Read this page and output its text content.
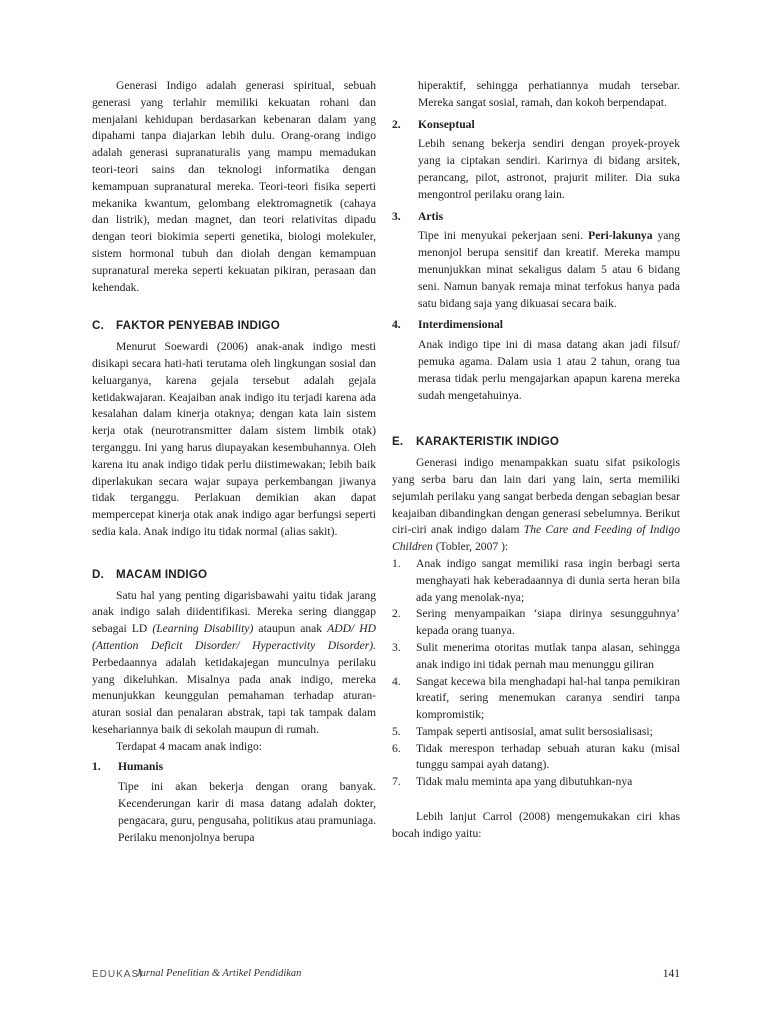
Generasi Indigo adalah generasi spiritual, sebuah generasi yang terlahir memiliki kekuatan rohani dan menjalani kehidupan berdasarkan kebenaran dalam yang dipahami tanpa diajarkan lebih dulu. Orang-orang indigo adalah generasi supranaturalis yang mampu memadukan teori-teori sains dan teknologi informatika dengan kemampuan supranatural mereka. Teori-teori fisika seperti mekanika kwantum, gelombang elektromagnetik (cahaya dan listrik), medan magnet, dan teori relativitas dipadu dengan teori biokimia seperti genetika, biologi molekuler, sistem hormonal tubuh dan diolah dengan kemampuan supranatural mereka seperti kekuatan pikiran, perasaan dan kehendak.

C. FAKTOR PENYEBAB INDIGO

Menurut Soewardi (2006) anak-anak indigo mesti disikapi secara hati-hati terutama oleh lingkungan sosial dan keluarganya, karena gejala tersebut adalah gejala ketidakwajaran. Keajaiban anak indigo itu terjadi karena ada kesalahan dalam kinerja otaknya; dengan kata lain sistem kerja otak (neurotransmitter dalam sistem limbik otak) terganggu. Ini yang harus diupayakan kesembuhannya. Oleh karena itu anak indigo tidak perlu diistimewakan; lebih baik diperlakukan secara wajar supaya perkembangan jiwanya tidak terganggu. Perlakuan demikian akan dapat mempercepat kinerja otak anak indigo agar berfungsi seperti sedia kala. Anak indigo itu tidak normal (alias sakit).

D. MACAM INDIGO

Satu hal yang penting digarisbawahi yaitu tidak jarang anak indigo salah diidentifikasi. Mereka sering dianggap sebagai LD (Learning Disability) ataupun anak ADD/ HD (Attention Deficit Disorder/ Hyperactivity Disorder). Perbedaannya adalah ketidakajegan munculnya perilaku yang dikeluhkan. Misalnya pada anak indigo, mereka menunjukkan keunggulan pemahaman terhadap aturan-aturan sosial dan penalaran abstrak, tapi tak tampak dalam kesehariannya baik di sekolah maupun di rumah.

Terdapat 4 macam anak indigo:

1.	Humanis

Tipe ini akan bekerja dengan orang banyak. Kecenderungan karir di masa datang adalah dokter, pengacara, guru, pengusaha, politikus atau pramuniaga. Perilaku menonjolnya berupa

hiperaktif, sehingga perhatiannya mudah tersebar. Mereka sangat sosial, ramah, dan kokoh berpendapat.

2.	Konseptual

Lebih senang bekerja sendiri dengan proyek-proyek yang ia ciptakan sendiri. Karirnya di bidang arsitek, perancang, pilot, astronot, prajurit militer. Dia suka mengontrol perilaku orang lain.

3.	Artis

Tipe ini menyukai pekerjaan seni. Peri-lakunya yang menonjol berupa sensitif dan kreatif. Mereka mampu menunjukkan minat sekaligus dalam 5 atau 6 bidang seni. Namun banyak remaja minat terfokus hanya pada satu bidang saja yang dikuasai secara baik.

4.	Interdimensional

Anak indigo tipe ini di masa datang akan jadi filsuf/ pemuka agama. Dalam usia 1 atau 2 tahun, orang tua merasa tidak perlu mengajarkan apapun karena mereka sudah mengetahuinya.

E. KARAKTERISTIK INDIGO

Generasi indigo menampakkan suatu sifat psikologis yang serba baru dan lain dari yang lain, serta memiliki sejumlah perilaku yang sangat berbeda dengan sebagian besar keajaiban dibandingkan dengan generasi sebelumnya. Berikut ciri-ciri anak indigo dalam The Care and Feeding of Indigo Children (Tobler, 2007 ):

1.	Anak indigo sangat memiliki rasa ingin berbagi serta menghayati hak keberadaannya di dunia serta heran bila ada yang menolak-nya;
2.	Sering menyampaikan ‘siapa dirinya sesungguhnya’ kepada orang tuanya.
3.	Sulit menerima otoritas mutlak tanpa alasan, sehingga anak indigo ini tidak pernah mau menunggu giliran
4.	Sangat kecewa bila menghadapi hal-hal tanpa pemikiran kreatif, sering menemukan caranya sendiri tanpa kompromistik;
5.	Tampak seperti antisosial, amat sulit bersosialisasi;
6.	Tidak merespon terhadap sebuah aturan kaku (misal tunggu sampai ayah datang).
7.	Tidak malu meminta apa yang dibutuhkan-nya

Lebih lanjut Carrol (2008) mengemukakan ciri khas bocah indigo yaitu:

EDUKASI
Jurnal Penelitian & Artikel Pendidikan	141
